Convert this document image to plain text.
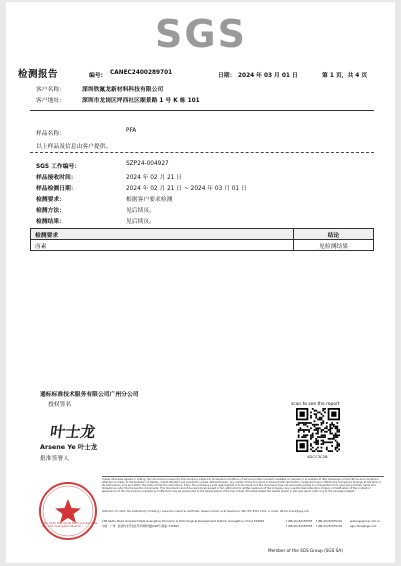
SGS
检测报告	编号: CANEC2400289701	日期： 2024 年 03 月 01 日	第 1 页，共 4 页
客户名称：	深圳铁氟龙新材料科技有限公司
客户地址：	深圳市龙岗区坪西社区顺景路 1 号 K 栋 101
样品名称：	PFA
以上样品及信息由客户提供。
SGS 工作编号：	SZP24-004927
样品接收时间：	2024 年 02 月 21 日
样品检测日期：	2024 年 02 月 21 日 ~ 2024 年 03 月 01 日
检测要求：	根据客户要求检测
检测方法：	见后续页。
检测结果：	见后续页。
检测要求	结论
卤素	见检测结果
通标标准技术服务有限公司广州分公司
授权签名
叶士龙
Arsene Ye 叶士龙
批准签署人
scan to see the report
4DCC3C28
Unless otherwise agreed in writing, this document is issued by the Company subject to its General Conditions of Service printed overleaf, available on request or accessible at http://www.sgs.com/en/Terms-and-Conditions. Attention is drawn to the limitation of liability, indemnification and jurisdiction issues defined therein. Any holder of this document is advised that information contained hereon reflects the Company's findings at the time of its intervention only and within the limits of Client's instructions, if any. The Company's sole responsibility is to its Client and this document does not exonerate parties to a transaction from exercising all their rights and obligations under the transaction documents. This document cannot be reproduced except in full, without prior written approval of the Company. Any unauthorized alteration, forgery or falsification of the content or appearance of this document is unlawful and offenders may be prosecuted to the fullest extent of the law. Unless otherwise stated the results shown in this test report refer only to the sample(s) tested.
Attention: To check the authenticity of testing / inspection report & certificate, please contact us at telephone: (86-755) 8307 1443, or email: CN.Doccheck@sgs.com
SGS-CSTC Standards Technical Services Co., Ltd. Guangzhou Branch
198 Kezhu Road, Scientech Park Guangzhou Economic & Technological Development District, Guangzhou, China 510663
中国 · 广州 · 经济技术开发区科学城科珠路198号 邮编: 510663
t (86-20) 82155555
t (86-20) 82155555
f (86-20) 82075191
f (86-20) 82075191
www.sgsgroup.com.cn
sgs.china@sgs.com
Member of the SGS Group (SGS SA)
